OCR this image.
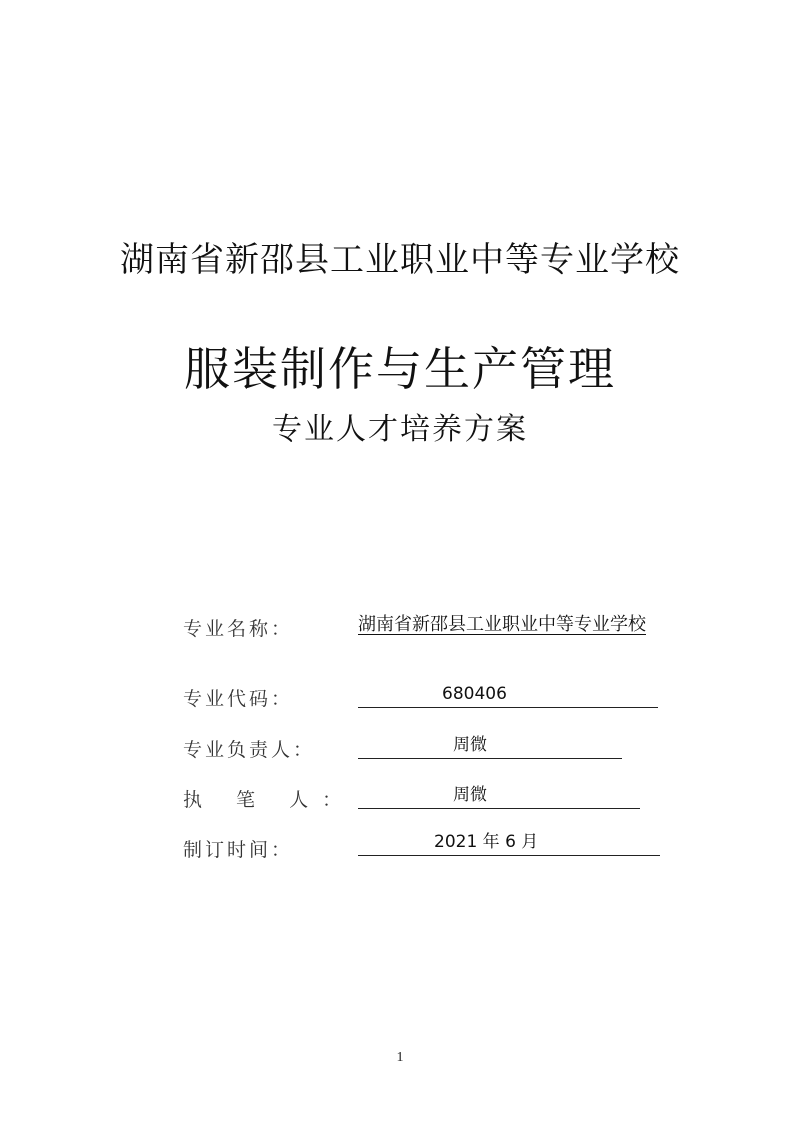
湖南省新邵县工业职业中等专业学校
服装制作与生产管理
专业人才培养方案
专业名称：	湖南省新邵县工业职业中等专业学校
专业代码：	680406
专业负责人：	周微
执 笔 人：	周微
制订时间：	2021 年 6 月
1
